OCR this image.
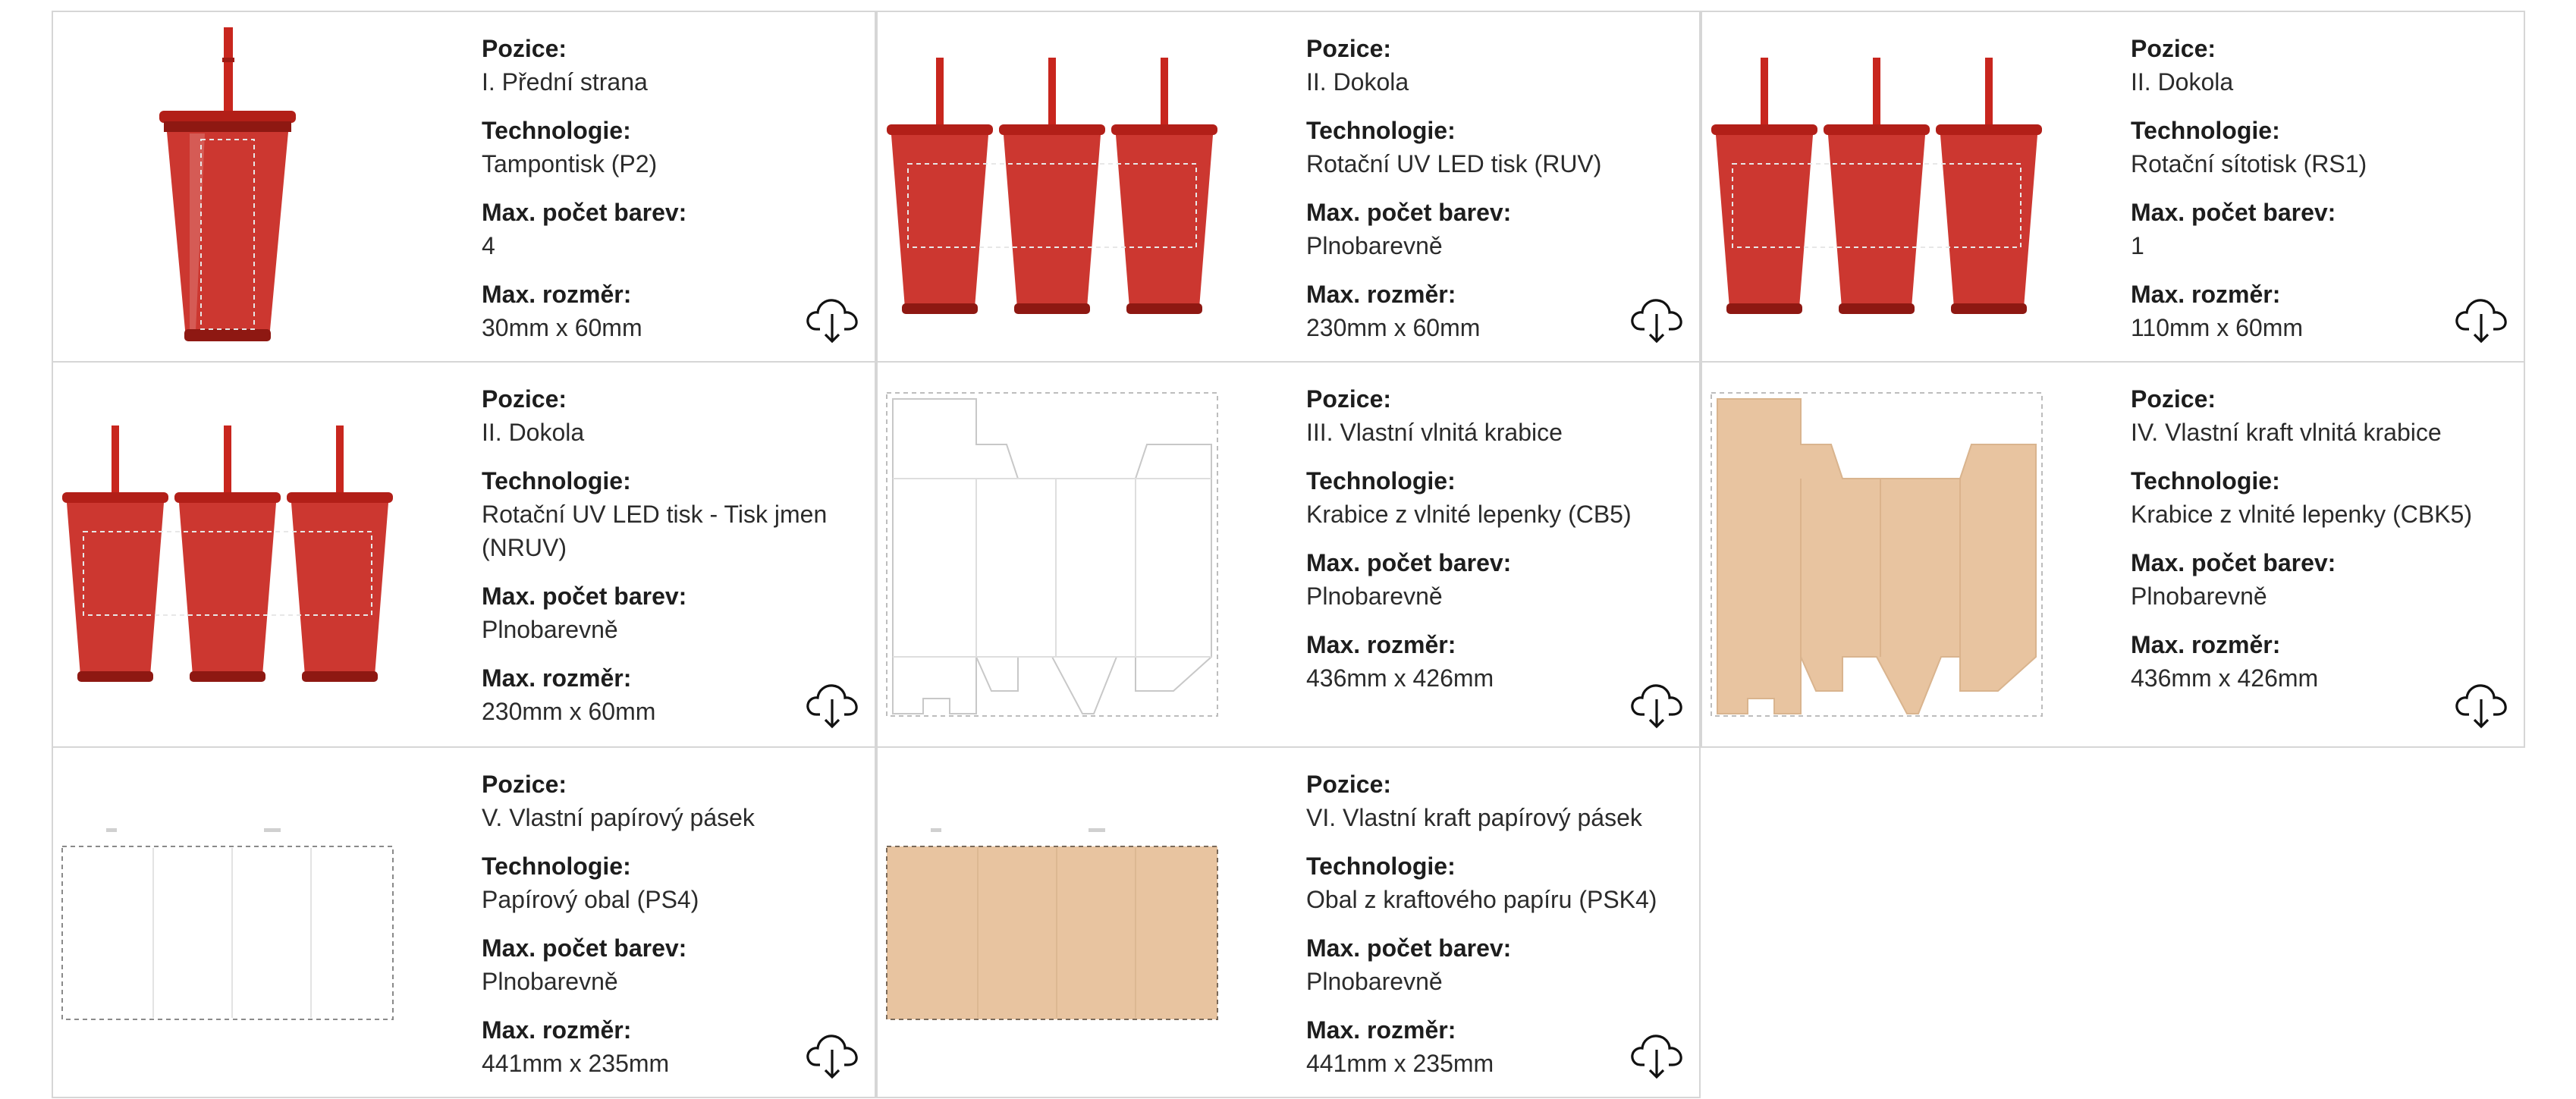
Pozice:
I. Přední strana
Technologie:
Tampontisk (P2)
Max. počet barev:
4
Max. rozměr:
30mm x 60mm
Pozice:
II. Dokola
Technologie:
Rotační UV LED tisk (RUV)
Max. počet barev:
Plnobarevně
Max. rozměr:
230mm x 60mm
Pozice:
II. Dokola
Technologie:
Rotační sítotisk (RS1)
Max. počet barev:
1
Max. rozměr:
110mm x 60mm
Pozice:
II. Dokola
Technologie:
Rotační UV LED tisk - Tisk jmen (NRUV)
Max. počet barev:
Plnobarevně
Max. rozměr:
230mm x 60mm
Pozice:
III. Vlastní vlnitá krabice
Technologie:
Krabice z vlnité lepenky (CB5)
Max. počet barev:
Plnobarevně
Max. rozměr:
436mm x 426mm
Pozice:
IV. Vlastní kraft vlnitá krabice
Technologie:
Krabice z vlnité lepenky (CBK5)
Max. počet barev:
Plnobarevně
Max. rozměr:
436mm x 426mm
Pozice:
V. Vlastní papírový pásek
Technologie:
Papírový obal (PS4)
Max. počet barev:
Plnobarevně
Max. rozměr:
441mm x 235mm
Pozice:
VI. Vlastní kraft papírový pásek
Technologie:
Obal z kraftového papíru (PSK4)
Max. počet barev:
Plnobarevně
Max. rozměr:
441mm x 235mm
